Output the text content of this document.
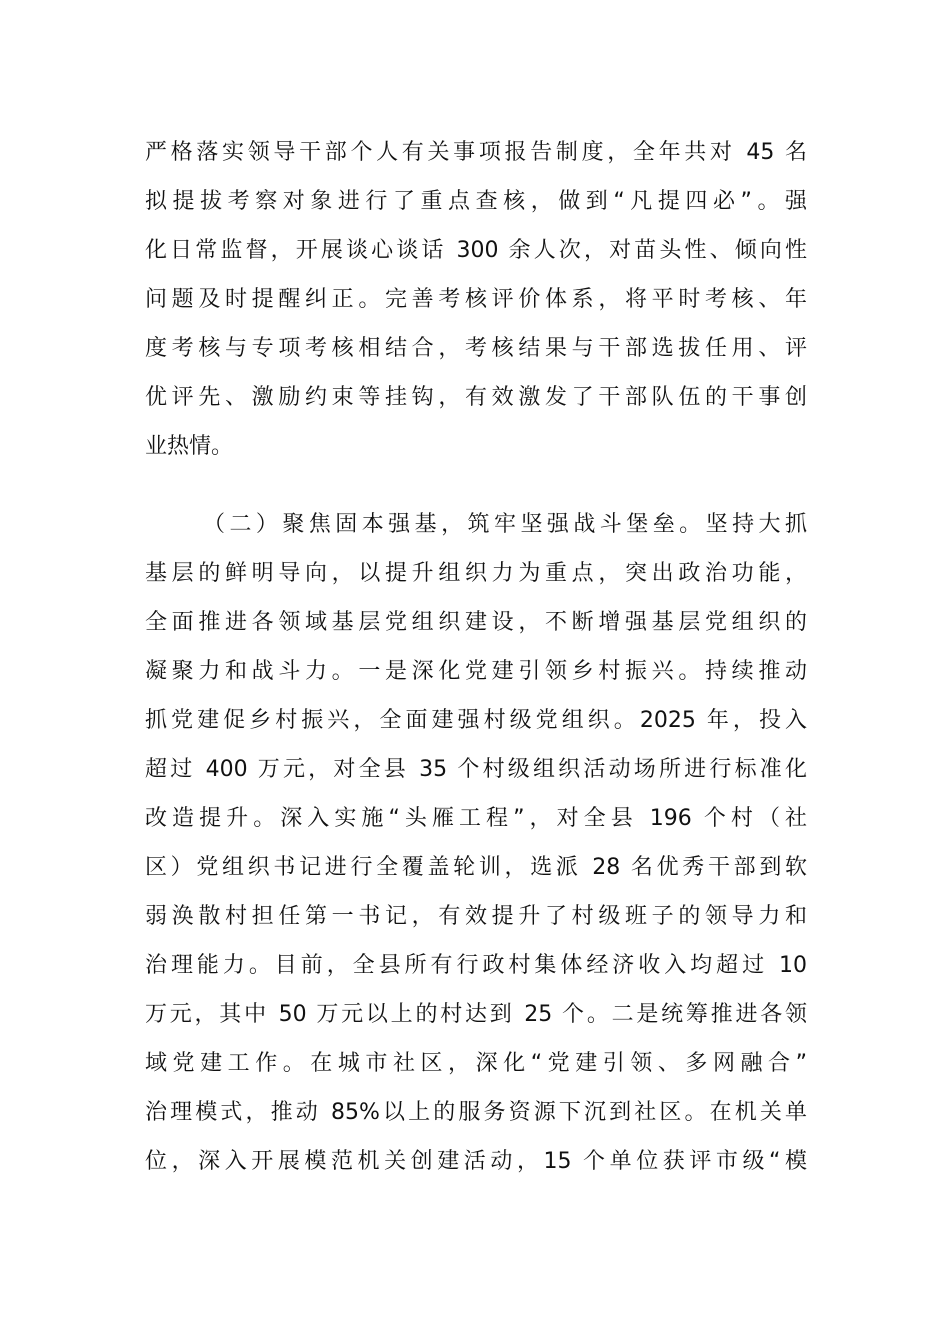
严格落实领导干部个人有关事项报告制度，全年共对 45 名
拟提拔考察对象进行了重点查核，做到“凡提四必”。强
化日常监督，开展谈心谈话 300 余人次，对苗头性、倾向性
问题及时提醒纠正。完善考核评价体系，将平时考核、年
度考核与专项考核相结合，考核结果与干部选拔任用、评
优评先、激励约束等挂钩，有效激发了干部队伍的干事创
业热情。
（二）聚焦固本强基，筑牢坚强战斗堡垒。坚持大抓
基层的鲜明导向，以提升组织力为重点，突出政治功能，
全面推进各领域基层党组织建设，不断增强基层党组织的
凝聚力和战斗力。一是深化党建引领乡村振兴。持续推动
抓党建促乡村振兴，全面建强村级党组织。2025 年，投入
超过 400 万元，对全县 35 个村级组织活动场所进行标准化
改造提升。深入实施“头雁工程”，对全县 196 个村（社
区）党组织书记进行全覆盖轮训，选派 28 名优秀干部到软
弱涣散村担任第一书记，有效提升了村级班子的领导力和
治理能力。目前，全县所有行政村集体经济收入均超过 10
万元，其中 50 万元以上的村达到 25 个。二是统筹推进各领
域党建工作。在城市社区，深化“党建引领、多网融合”
治理模式，推动 85%以上的服务资源下沉到社区。在机关单
位，深入开展模范机关创建活动，15 个单位获评市级“模
